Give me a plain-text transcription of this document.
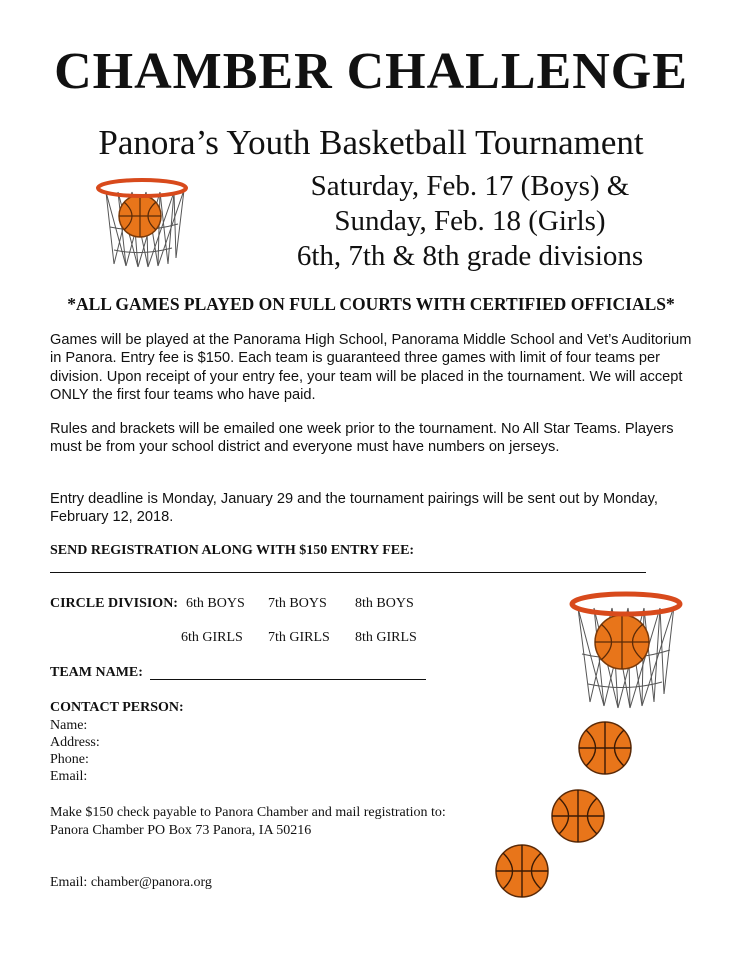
CHAMBER CHALLENGE
Panora’s Youth Basketball Tournament
Saturday, Feb. 17 (Boys) &
Sunday, Feb. 18 (Girls)
6th, 7th & 8th grade divisions
*ALL GAMES PLAYED ON FULL COURTS WITH CERTIFIED OFFICIALS*
Games will be played at the Panorama High School, Panorama Middle School and Vet’s Auditorium in Panora. Entry fee is $150. Each team is guaranteed three games with limit of four teams per division. Upon receipt of your entry fee, your team will be placed in the tournament. We will accept ONLY the first four teams who have paid.
Rules and brackets will be emailed one week prior to the tournament. No All Star Teams. Players must be from your school district and everyone must have numbers on jerseys.
Entry deadline is Monday, January 29 and the tournament pairings will be sent out by Monday, February 12, 2018.
SEND REGISTRATION ALONG WITH $150 ENTRY FEE:
CIRCLE DIVISION: 6th BOYS 7th BOYS 8th BOYS
6th GIRLS 7th GIRLS 8th GIRLS
TEAM NAME:
CONTACT PERSON:
Name:
Address:
Phone:
Email:
Make $150 check payable to Panora Chamber and mail registration to:
Panora Chamber PO Box 73 Panora, IA 50216
Email: chamber@panora.org
